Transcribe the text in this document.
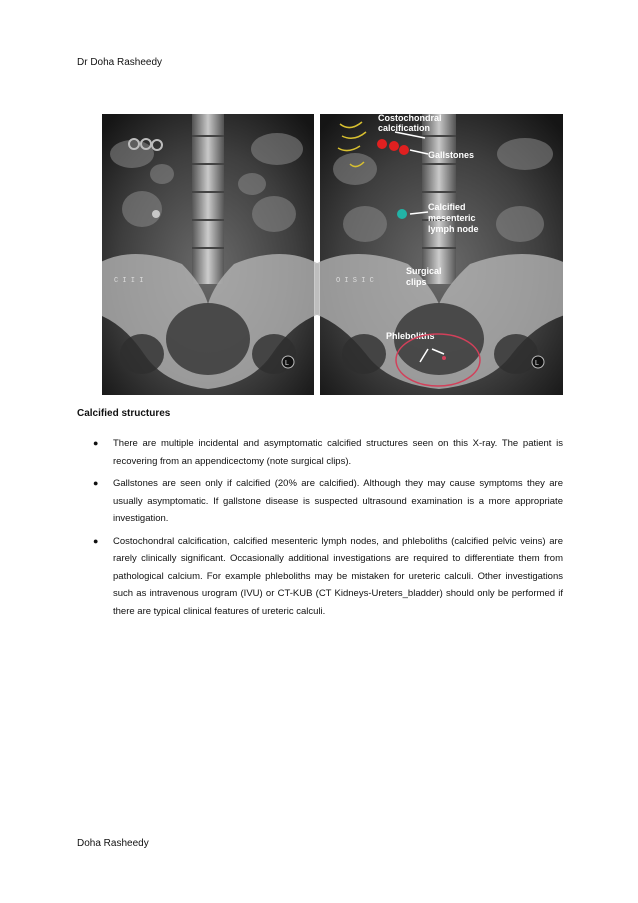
Dr Doha Rasheedy
C I I I
L
Costochondral
calcification
Gallstones
Calcified
mesenteric
lymph node
Surgical
clips
Phleboliths
O I S I C
L
Calcified structures
● There are multiple incidental and asymptomatic calcified structures seen on this X-ray. The patient is recovering from an appendicectomy (note surgical clips).
● Gallstones are seen only if calcified (20% are calcified). Although they may cause symptoms they are usually asymptomatic. If gallstone disease is suspected ultrasound examination is a more appropriate investigation.
● Costochondral calcification, calcified mesenteric lymph nodes, and phleboliths (calcified pelvic veins) are rarely clinically significant. Occasionally additional investigations are required to differentiate them from pathological calcium. For example phleboliths may be mistaken for ureteric calculi. Other investigations such as intravenous urogram (IVU) or CT-KUB (CT Kidneys-Ureters_bladder) should only be performed if there are typical clinical features of ureteric calculi.
Doha Rasheedy
